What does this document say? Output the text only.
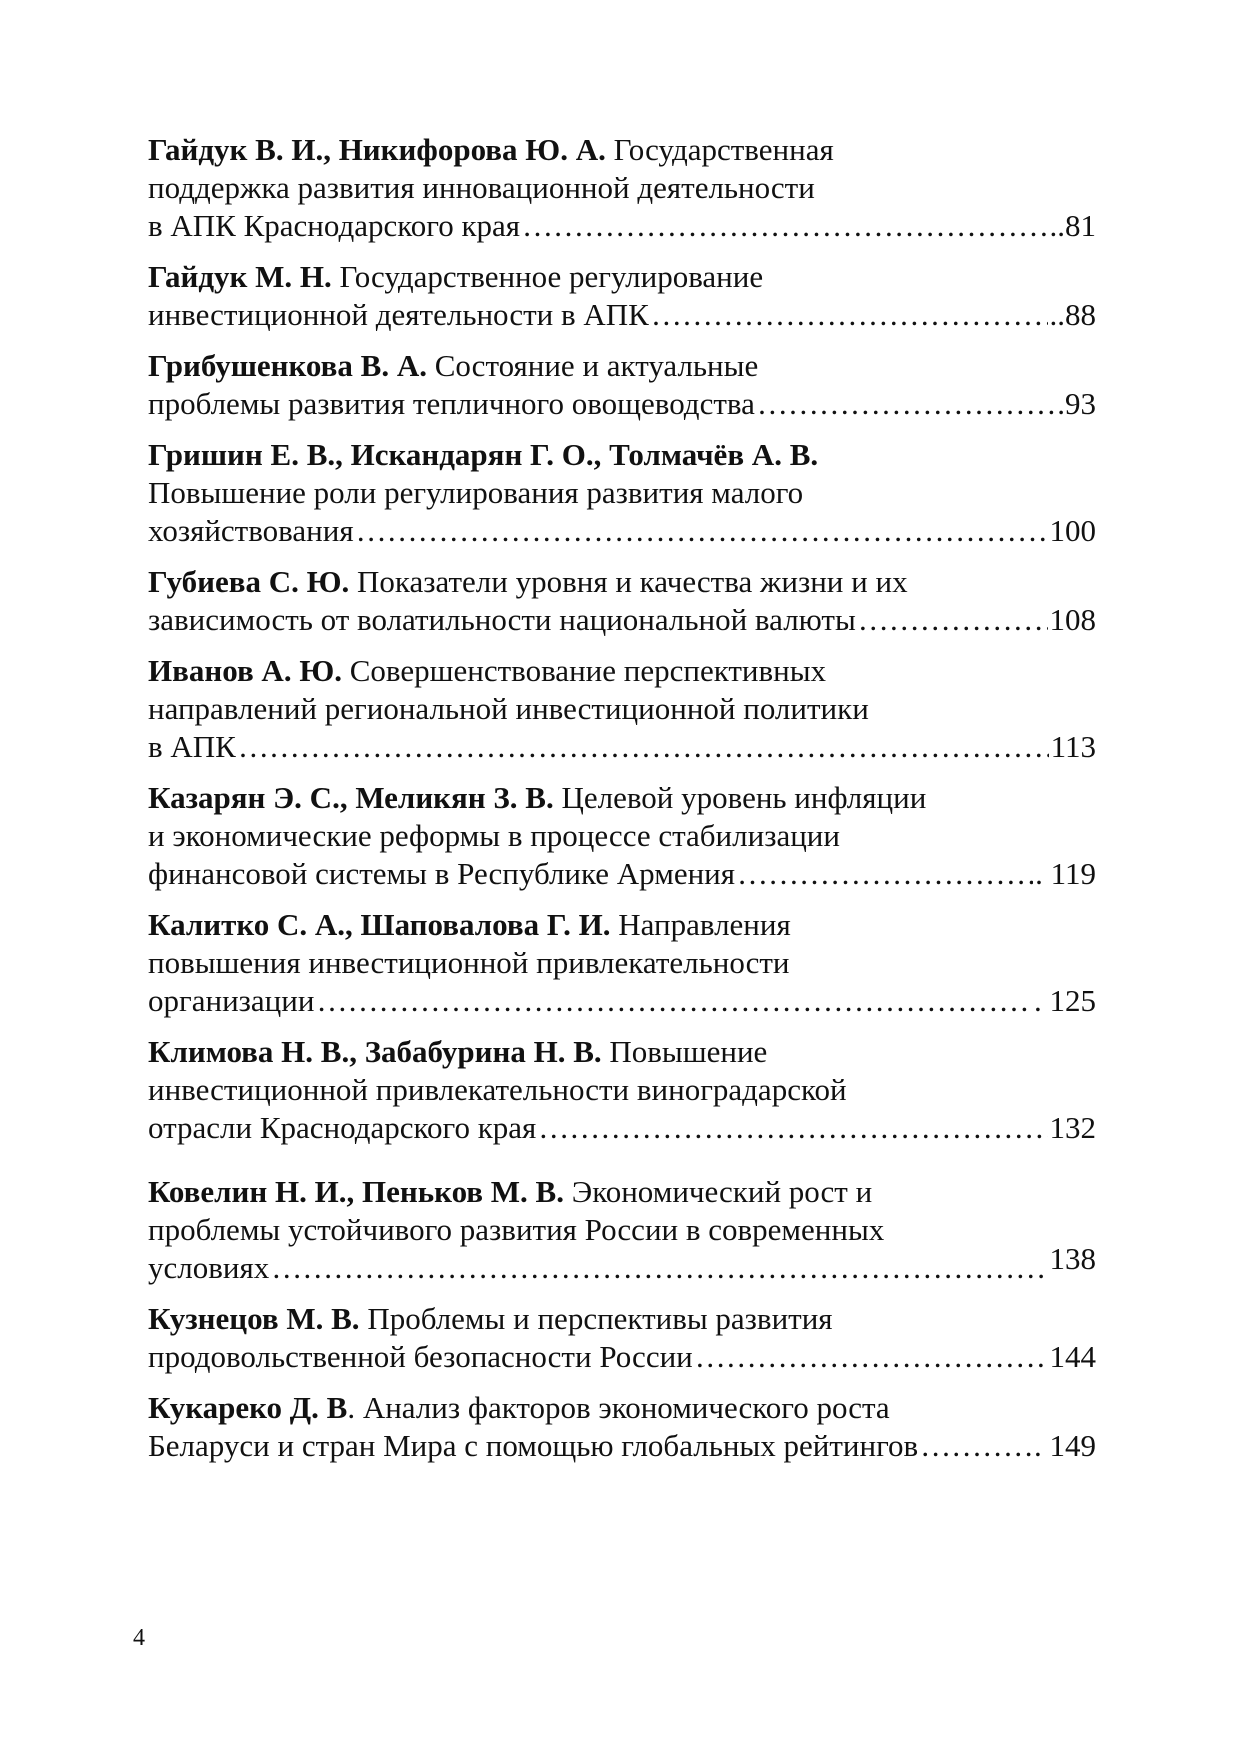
Гайдук В. И., Никифорова Ю. А.
Государственная
поддержка развития инновационной деятельности
в АПК Краснодарского края ……………………………………………………………………………………………………………………………………………………………………………………………………………………………………	..81
Гайдук М. Н.
Государственное регулирование
инвестиционной деятельности в АПК ……………………………………………………………………………………………………………………………………………………………………………………………………………………………………	..88
Грибушенкова В. А.
Состояние и актуальные
проблемы развития тепличного овощеводства ……………………………………………………………………………………………………………………………………………………………………………………………………………………………………	.93
Гришин Е. В., Искандарян Г. О., Толмачёв А. В.
Повышение роли регулирования развития малого
хозяйствования ……………………………………………………………………………………………………………………………………………………………………………………………………………………………………	100
Губиева С. Ю.
Показатели уровня и качества жизни и их
зависимость от волатильности национальной валюты ……………………………………………………………………………………………………………………………………………………………………………………………………………………………………	108
Иванов А. Ю.
Совершенствование перспективных
направлений региональной инвестиционной политики
в АПК ……………………………………………………………………………………………………………………………………………………………………………………………………………………………………	113
Казарян Э. С., Меликян З. В.
Целевой уровень инфляции
и экономические реформы в процессе стабилизации
финансовой системы в Республике Армения ……………………………………………………………………………………………………………………………………………………………………………………………………………………………………	. 119
Калитко С. А., Шаповалова Г. И.
Направления
повышения инвестиционной привлекательности
организации ……………………………………………………………………………………………………………………………………………………………………………………………………………………………………	. 125
Климова Н. В., Забабурина Н. В.
Повышение
инвестиционной привлекательности виноградарской
отрасли Краснодарского края ……………………………………………………………………………………………………………………………………………………………………………………………………………………………………	132
Ковелин Н. И., Пеньков М. В.
Экономический рост и
проблемы устойчивого развития России в современных
условиях ……………………………………………………………………………………………………………………………………………………………………………………………………………………………………	138
Кузнецов М. В.
Проблемы и перспективы развития
продовольственной безопасности России ……………………………………………………………………………………………………………………………………………………………………………………………………………………………………	144
Кукареко Д. В . Анализ факторов экономического роста
Беларуси и стран Мира с помощью глобальных рейтингов ……………………………………………………………………………………………………………………………………………………………………………………………………………………………………	. 149
4
